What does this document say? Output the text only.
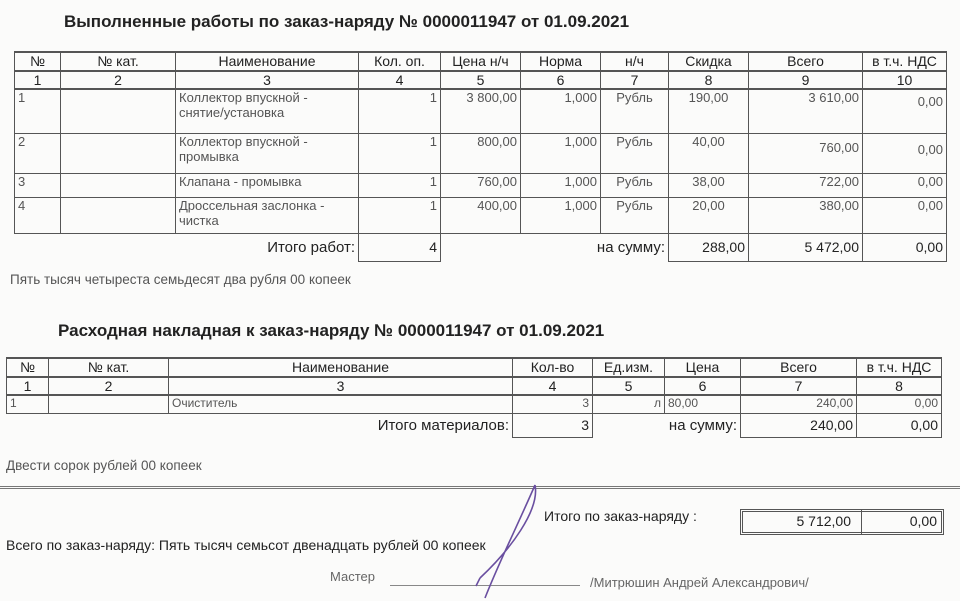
Выполненные работы по заказ-наряду № 0000011947 от 01.09.2021
№	№ кат.	Наименование	Кол. оп.	Цена н/ч	Норма	н/ч	Скидка	Всего	в т.ч. НДС
1	2	3	4	5	6	7	8	9	10
1		Коллектор впускной - снятие/установка	1	3 800,00	1,000	Рубль	190,00	3 610,00	0,00
2		Коллектор впускной - промывка	1	800,00	1,000	Рубль	40,00	760,00	0,00
3		Клапана - промывка	1	760,00	1,000	Рубль	38,00	722,00	0,00
4		Дроссельная заслонка - чистка	1	400,00	1,000	Рубль	20,00	380,00	0,00
Итого работ:			4	на сумму:			288,00	5 472,00	0,00
Пять тысяч четыреста семьдесят два рубля 00 копеек
Расходная накладная к заказ-наряду № 0000011947 от 01.09.2021
№	№ кат.	Наименование	Кол-во	Ед.изм.	Цена	Всего	в т.ч. НДС
1	2	3	4	5	6	7	8
1		Очиститель	3	л	80,00	240,00	0,00
Итого материалов:			3	на сумму:		240,00	0,00
Двести сорок рублей 00 копеек
Итого по заказ-наряду :	5 712,00	0,00
Всего по заказ-наряду: Пять тысяч семьсот двенадцать рублей 00 копеек
Мастер	/Митрюшин Андрей Александрович/
